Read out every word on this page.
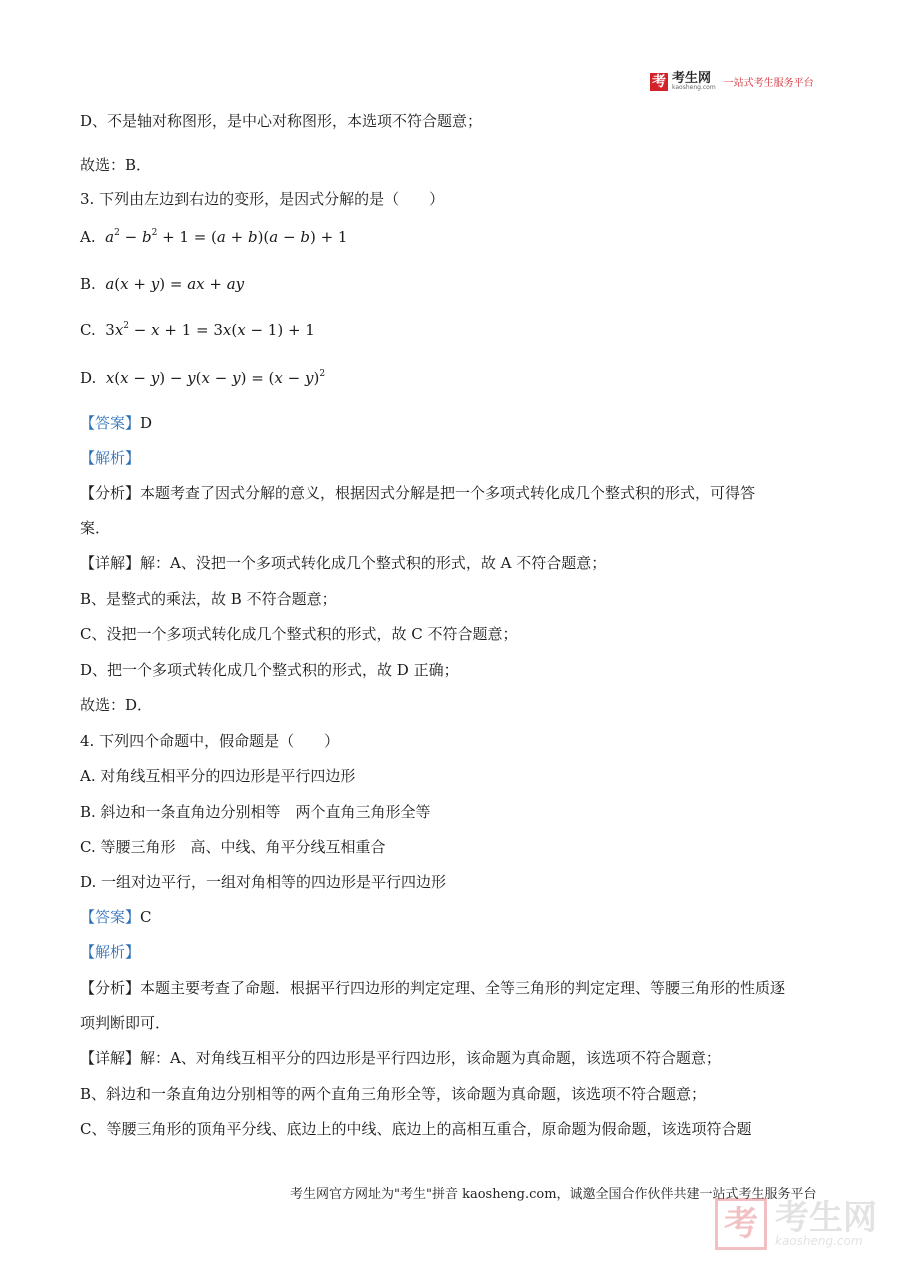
考 考生网
kaosheng.com 一站式考生服务平台
D、不是轴对称图形，是中心对称图形，本选项不符合题意；
故选：B．
3. 下列由左边到右边的变形，是因式分解的是（　　）
A. $a^2 - b^2 + 1 = (a + b)(a - b) + 1$
B. a(x + y) = ax + ay
C.  $3x^2 - x + 1 = 3x(x - 1) + 1$
D. $x(x - y) - y(x - y) = (x - y)^2$
【答案】D
【解析】
【分析】本题考查了因式分解的意义，根据因式分解是把一个多项式转化成几个整式积的形式，可得答
案．
【详解】解：A、没把一个多项式转化成几个整式积的形式，故 A 不符合题意；
B、是整式的乘法，故 B 不符合题意；
C、没把一个多项式转化成几个整式积的形式，故 C 不符合题意；
D、把一个多项式转化成几个整式积的形式，故 D 正确；
故选：D．
4. 下列四个命题中，假命题是（　　）
A. 对角线互相平分的四边形是平行四边形
B. 斜边和一条直角边分别相等　两个直角三角形全等
C. 等腰三角形　高、中线、角平分线互相重合
D. 一组对边平行，一组对角相等的四边形是平行四边形
【答案】C
【解析】
【分析】本题主要考查了命题．根据平行四边形的判定定理、全等三角形的判定定理、等腰三角形的性质逐
项判断即可．
【详解】解：A、对角线互相平分的四边形是平行四边形，该命题为真命题，该选项不符合题意；
B、斜边和一条直角边分别相等的两个直角三角形全等，该命题为真命题，该选项不符合题意；
C、等腰三角形的顶角平分线、底边上的中线、底边上的高相互重合，原命题为假命题，该选项符合题
考生网官方网址为"考生"拼音 kaosheng.com，诚邀全国合作伙伴共建一站式考生服务平台
考 考生网
kaosheng.com
